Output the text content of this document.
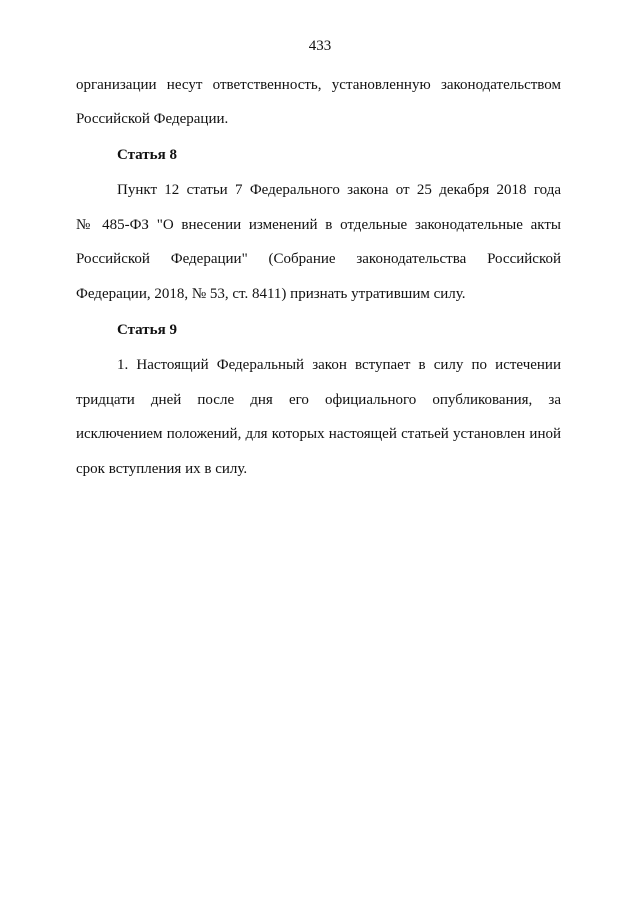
433
организации несут ответственность, установленную законодательством
Российской Федерации.
Статья 8
Пункт 12 статьи 7 Федерального закона от 25 декабря 2018 года
№ 485-ФЗ "О внесении изменений в отдельные законодательные акты
Российской Федерации" (Собрание законодательства Российской
Федерации, 2018, № 53, ст. 8411) признать утратившим силу.
Статья 9
1. Настоящий Федеральный закон вступает в силу по истечении
тридцати дней после дня его официального опубликования, за
исключением положений, для которых настоящей статьей установлен иной
срок вступления их в силу.
